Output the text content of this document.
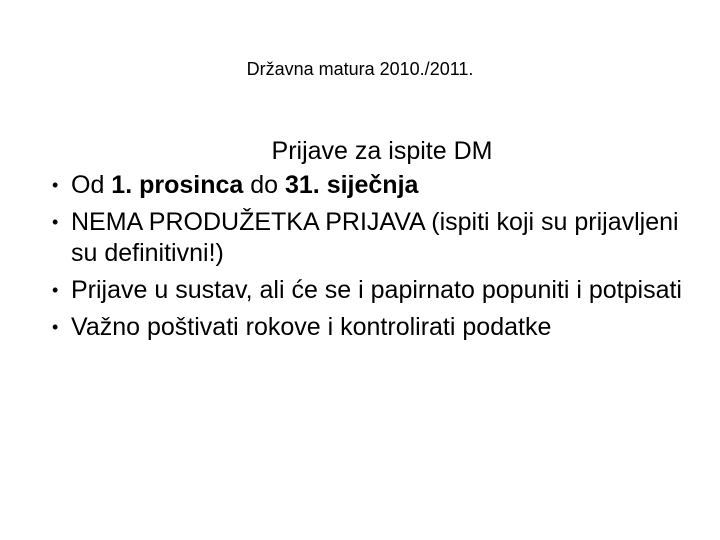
Državna matura 2010./2011.
Prijave za ispite DM
• Od 1. prosinca do 31. siječnja
• NEMA PRODUŽETKA PRIJAVA (ispiti koji su prijavljeni su definitivni!)
• Prijave u sustav, ali će se i papirnato popuniti i potpisati
• Važno poštivati rokove i kontrolirati podatke
